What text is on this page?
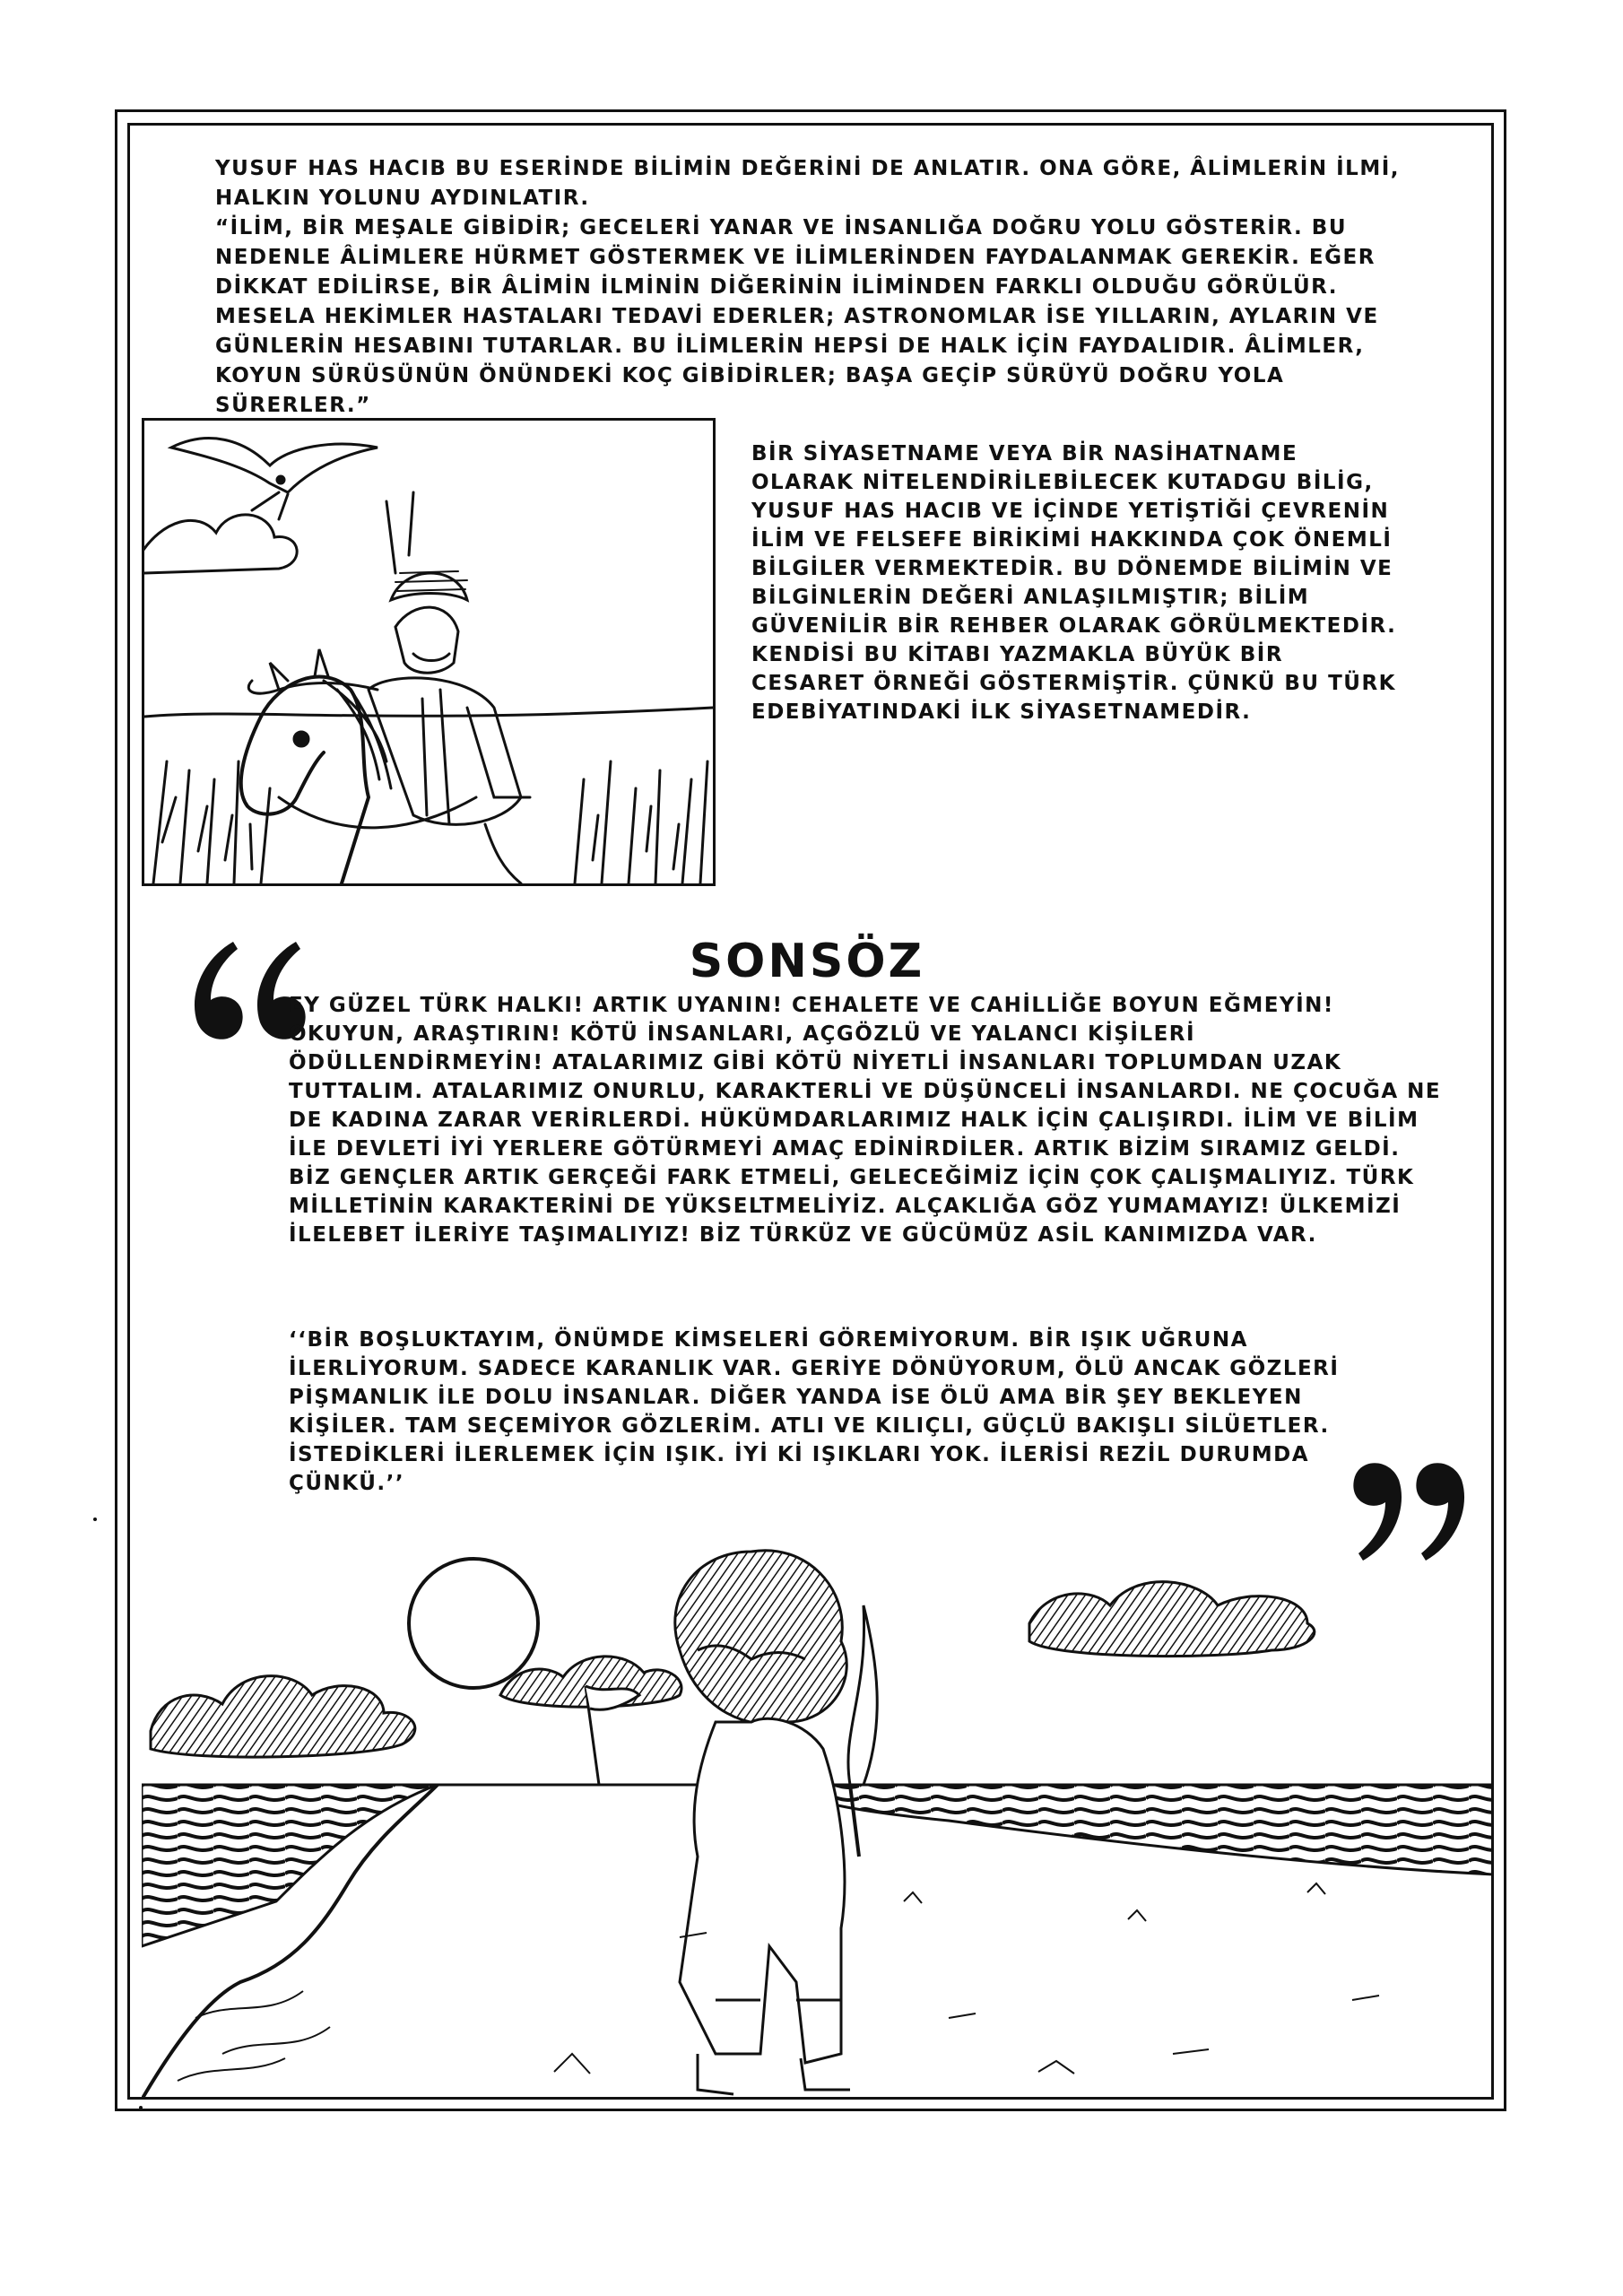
YUSUF HAS HACIB BU ESERİNDE BİLİMİN DEĞERİNİ DE ANLATIR. ONA GÖRE, ÂLİMLERİN İLMİ, HALKIN YOLUNU AYDINLATIR.

“İLİM, BİR MEŞALE GİBİDİR; GECELERİ YANAR VE İNSANLIĞA DOĞRU YOLU GÖSTERİR. BU NEDENLE ÂLİMLERE HÜRMET GÖSTERMEK VE İLİMLERİNDEN FAYDALANMAK GEREKİR. EĞER DİKKAT EDİLİRSE, BİR ÂLİMİN İLMİNİN DİĞERİNİN İLİMİNDEN FARKLI OLDUĞU GÖRÜLÜR. MESELA HEKİMLER HASTALARI TEDAVİ EDERLER; ASTRONOMLAR İSE YILLARIN, AYLARIN VE GÜNLERİN HESABINI TUTARLAR. BU İLİMLERİN HEPSİ DE HALK İÇİN FAYDALIDIR. ÂLİMLER, KOYUN SÜRÜSÜNÜN ÖNÜNDEKİ KOÇ GİBİDİRLER; BAŞA GEÇİP SÜRÜYÜ DOĞRU YOLA SÜRERLER.”

BİR SİYASETNAME VEYA BİR NASİHATNAME OLARAK NİTELENDİRİLEBİLECEK KUTADGU BİLİG, YUSUF HAS HACIB VE İÇİNDE YETİŞTİĞİ ÇEVRENİN İLİM VE FELSEFE BİRİKİMİ HAKKINDA ÇOK ÖNEMLİ BİLGİLER VERMEKTEDİR. BU DÖNEMDE BİLİMİN VE BİLGİNLERİN DEĞERİ ANLAŞILMIŞTIR; BİLİM GÜVENİLİR BİR REHBER OLARAK GÖRÜLMEKTEDİR. KENDİSİ BU KİTABI YAZMAKLA BÜYÜK BİR CESARET ÖRNEĞİ GÖSTERMİŞTİR. ÇÜNKÜ BU TÜRK EDEBİYATINDAKİ İLK SİYASETNAMEDİR.
SONSÖZ
EY GÜZEL TÜRK HALKI! ARTIK UYANIN! CEHALETE VE CAHİLLİĞE BOYUN EĞMEYİN! OKUYUN, ARAŞTIRIN! KÖTÜ İNSANLARI, AÇGÖZLÜ VE YALANCI KİŞİLERİ ÖDÜLLENDİRMEYİN! ATALARIMIZ GİBİ KÖTÜ NİYETLİ İNSANLARI TOPLUMDAN UZAK TUTTALIM. ATALARIMIZ ONURLU, KARAKTERLİ VE DÜŞÜNCELİ İNSANLARDI. NE ÇOCUĞA NE DE KADINA ZARAR VERİRLERDİ. HÜKÜMDARLARIMIZ HALK İÇİN ÇALIŞIRDI. İLİM VE BİLİM İLE DEVLETİ İYİ YERLERE GÖTÜRMEYİ AMAÇ EDİNİRDİLER. ARTIK BİZİM SIRAMIZ GELDİ. BİZ GENÇLER ARTIK GERÇEĞİ FARK ETMELİ, GELECEĞİMİZ İÇİN ÇOK ÇALIŞMALIYIZ. TÜRK MİLLETİNİN KARAKTERİNİ DE YÜKSELTMELİYİZ. ALÇAKLIĞA GÖZ YUMAMAYIZ! ÜLKEMİZİ İLELEBET İLERİYE TAŞIMALIYIZ! BİZ TÜRKÜZ VE GÜCÜMÜZ ASİL KANIMIZDA VAR.
‘‘BİR BOŞLUKTAYIM, ÖNÜMDE KİMSELERİ GÖREMİYORUM. BİR IŞIK UĞRUNA İLERLİYORUM. SADECE KARANLIK VAR. GERİYE DÖNÜYORUM, ÖLÜ ANCAK GÖZLERİ PİŞMANLIK İLE DOLU İNSANLAR. DİĞER YANDA İSE ÖLÜ AMA BİR ŞEY BEKLEYEN KİŞİLER. TAM SEÇEMİYOR GÖZLERİM. ATLI VE KILIÇLI, GÜÇLÜ BAKIŞLI SİLÜETLER. İSTEDİKLERİ İLERLEMEK İÇİN IŞIK. İYİ Kİ IŞIKLARI YOK. İLERİSİ REZİL DURUMDA ÇÜNKÜ.’’
